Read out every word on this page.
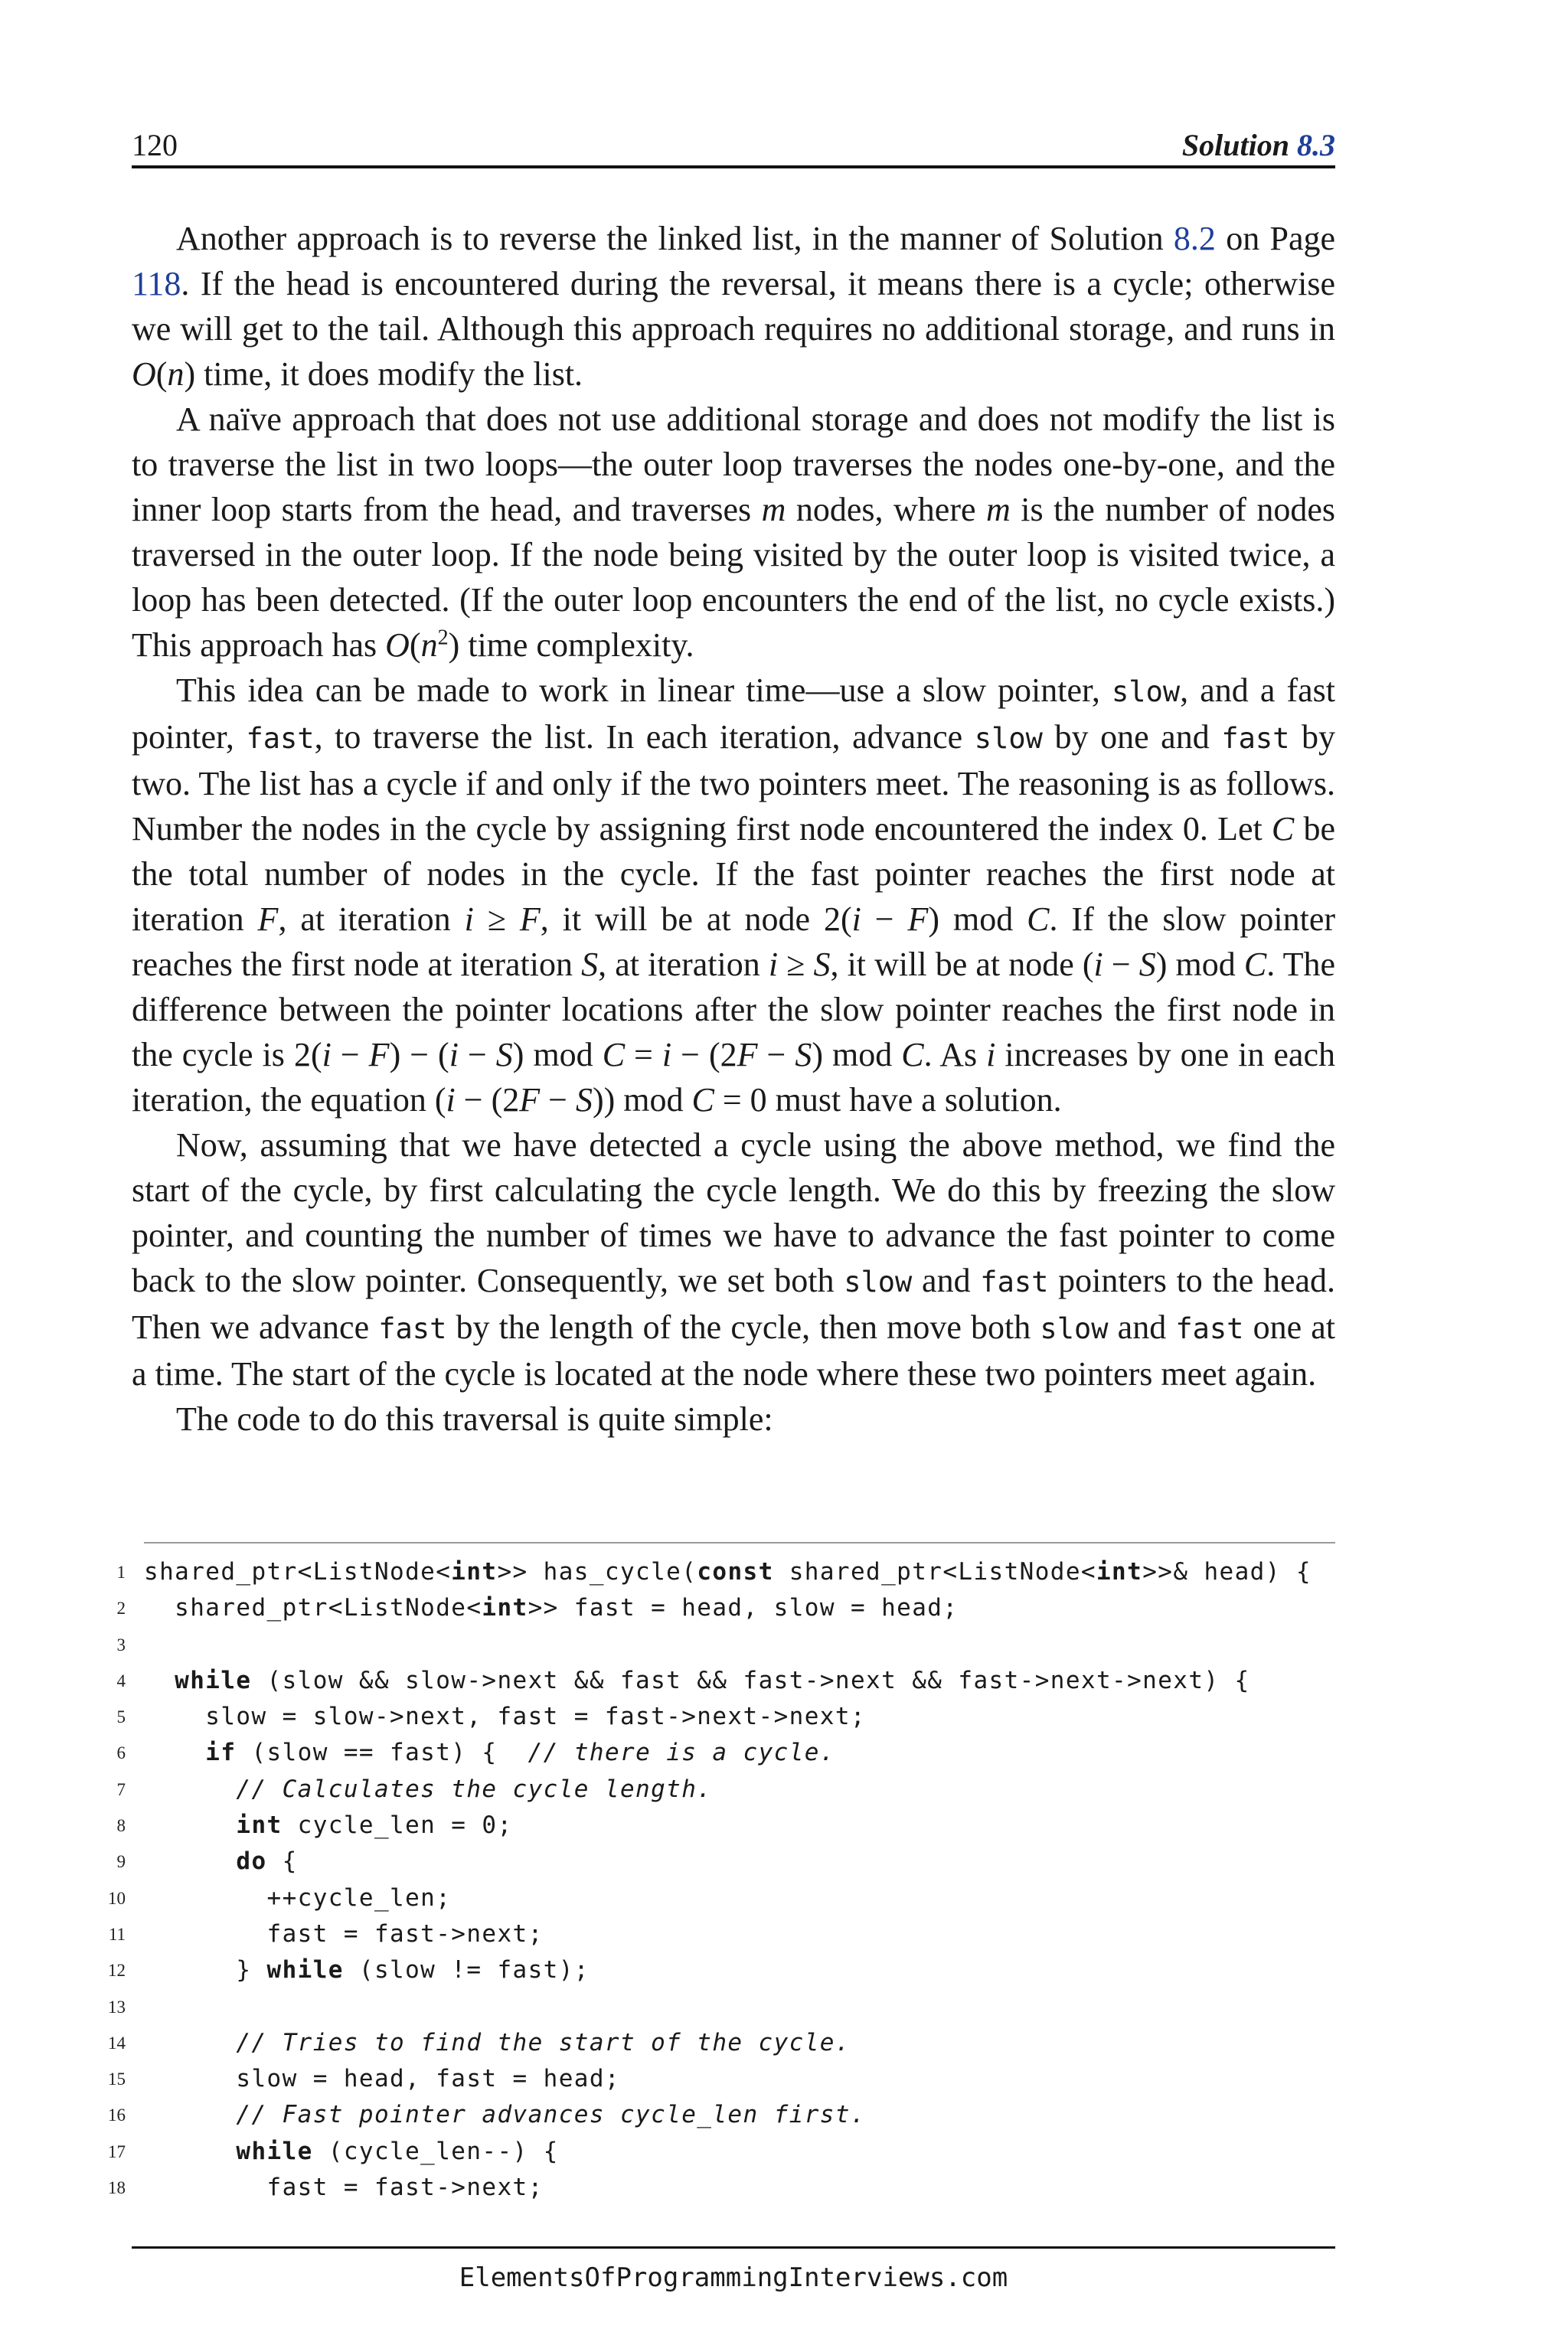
120	Solution 8.3

Another approach is to reverse the linked list, in the manner of Solution 8.2 on Page 118. If the head is encountered during the reversal, it means there is a cycle; otherwise we will get to the tail. Although this approach requires no additional storage, and runs in O(n) time, it does modify the list.

A naïve approach that does not use additional storage and does not modify the list is to traverse the list in two loops—the outer loop traverses the nodes one-by-one, and the inner loop starts from the head, and traverses m nodes, where m is the number of nodes traversed in the outer loop. If the node being visited by the outer loop is visited twice, a loop has been detected. (If the outer loop encounters the end of the list, no cycle exists.) This approach has $O(n^2)$ time complexity.

This idea can be made to work in linear time—use a slow pointer, slow, and a fast pointer, fast, to traverse the list. In each iteration, advance slow by one and fast by two. The list has a cycle if and only if the two pointers meet. The reasoning is as follows. Number the nodes in the cycle by assigning first node encountered the index 0. Let C be the total number of nodes in the cycle. If the fast pointer reaches the first node at iteration F, at iteration i ≥ F, it will be at node 2(i − F) mod C. If the slow pointer reaches the first node at iteration S, at iteration i ≥ S, it will be at node (i − S) mod C. The difference between the pointer locations after the slow pointer reaches the first node in the cycle is 2(i − F) − (i − S) mod C = i − (2F − S) mod C. As i increases by one in each iteration, the equation (i − (2F − S)) mod C = 0 must have a solution.

Now, assuming that we have detected a cycle using the above method, we find the start of the cycle, by first calculating the cycle length. We do this by freezing the slow pointer, and counting the number of times we have to advance the fast pointer to come back to the slow pointer. Consequently, we set both slow and fast pointers to the head. Then we advance fast by the length of the cycle, then move both slow and fast one at a time. The start of the cycle is located at the node where these two pointers meet again.

The code to do this traversal is quite simple:

1 shared_ptr<ListNode<int>> has_cycle(const shared_ptr<ListNode<int>>& head) {
2 shared_ptr<ListNode<int>> fast = head, slow = head;
3
4	while (slow && slow->next && fast && fast->next && fast->next->next) {
5 slow = slow->next, fast = fast->next->next;
6	if (slow == fast) {  // there is a cycle.
7	// Calculates the cycle length.
8	int cycle_len = 0;
9	do {
10 ++cycle_len;
11 fast = fast->next;
12 } while (slow != fast);
13
14	// Tries to find the start of the cycle.
15 slow = head, fast = head;
16	// Fast pointer advances cycle_len first.
17	while (cycle_len--) {
18 fast = fast->next;
ElementsOfProgrammingInterviews.com
